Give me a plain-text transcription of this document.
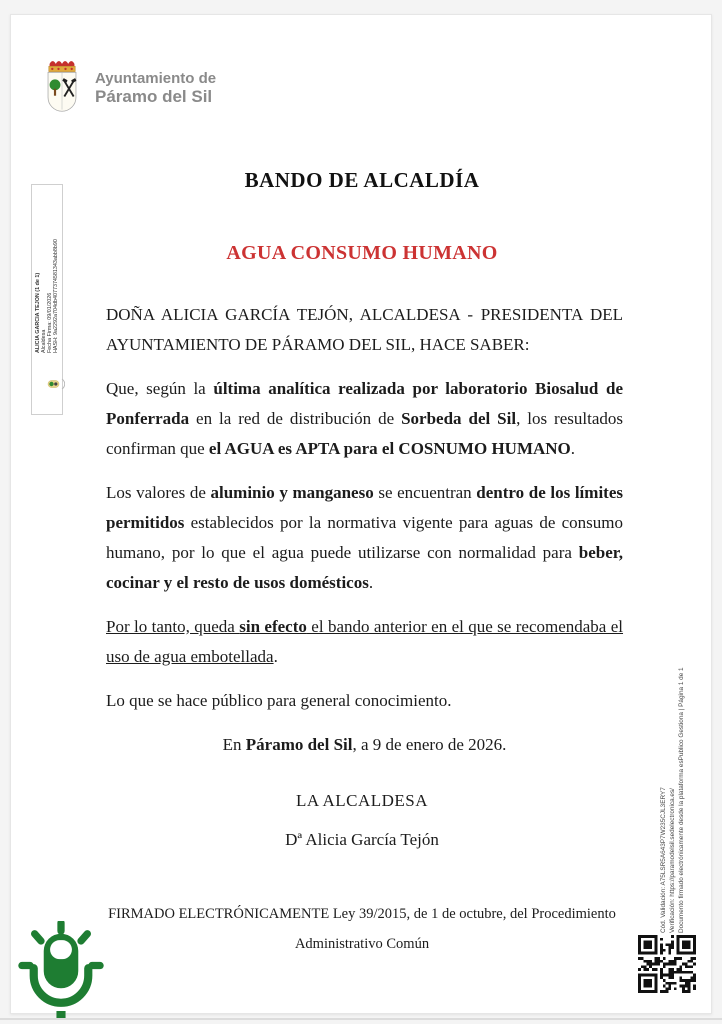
Ayuntamiento de
Páramo del Sil
ALICIA GARCIA TEJON (1 de 1) Alcaldesa Fecha Firma: 09/01/2026 HASH: 9a2292a704db4077374581343abb8b90
BANDO DE ALCALDÍA
AGUA CONSUMO HUMANO

DOÑA ALICIA GARCÍA TEJÓN, ALCALDESA - PRESIDENTA DEL AYUNTAMIENTO DE PÁRAMO DEL SIL, HACE SABER:

Que, según la última analítica realizada por laboratorio Biosalud de Ponferrada en la red de distribución de Sorbeda del Sil, los resultados confirman que el AGUA es APTA para el COSNUMO HUMANO.

Los valores de aluminio y manganeso se encuentran dentro de los límites permitidos establecidos por la normativa vigente para aguas de consumo humano, por lo que el agua puede utilizarse con normalidad para beber, cocinar y el resto de usos domésticos.

Por lo tanto, queda sin efecto el bando anterior en el que se recomendaba el uso de agua embotellada.

Lo que se hace público para general conocimiento.

En Páramo del Sil, a 9 de enero de 2026.

LA ALCALDESA
Dª Alicia García Tejón
FIRMADO ELECTRÓNICAMENTE Ley 39/2015, de 1 de octubre, del Procedimiento Administrativo Común
Cód. Validación: A75LSR5A643P7W235CJL3ERY7 Verificación: https://paramodelsil.sedelectronica.es/ Documento firmado electrónicamente desde la plataforma esPublico Gestiona | Página 1 de 1
